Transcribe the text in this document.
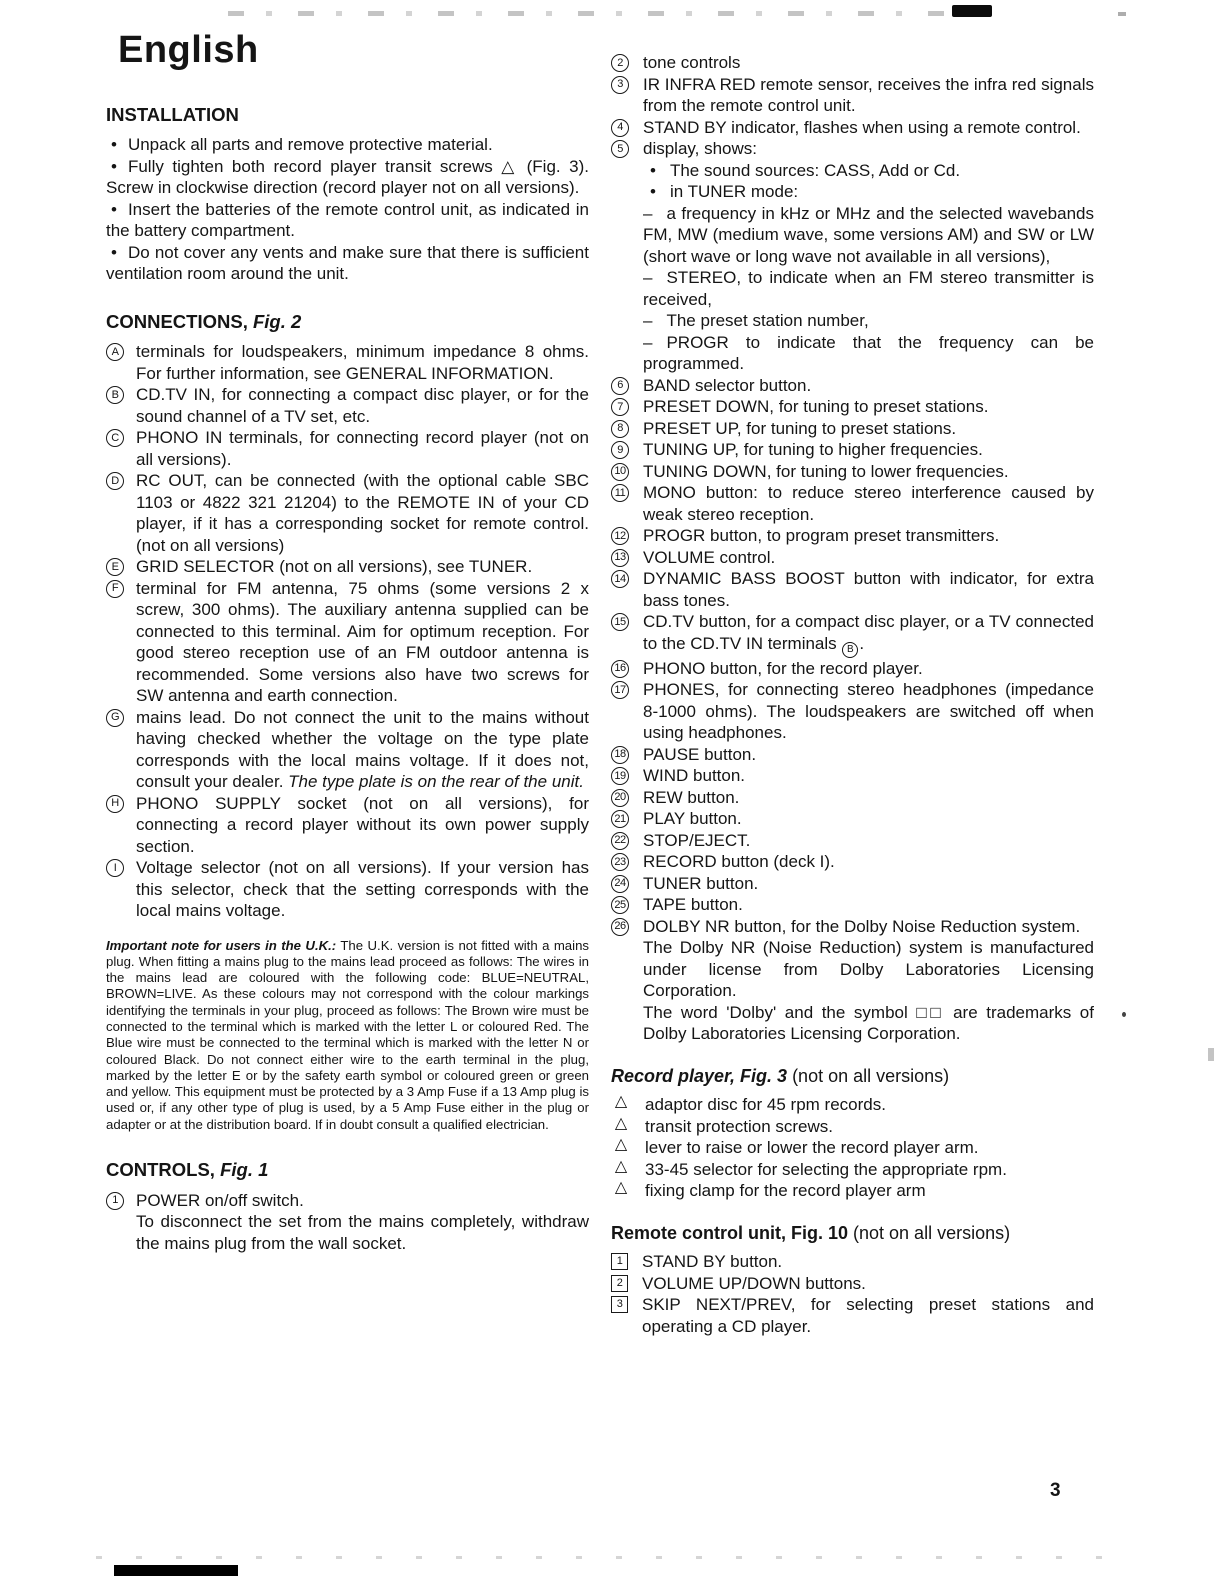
English
INSTALLATION
• Unpack all parts and remove protective material.
• Fully tighten both record player transit screws △ (Fig. 3). Screw in clockwise direction (record player not on all versions).
• Insert the batteries of the remote control unit, as indicated in the battery compartment.
• Do not cover any vents and make sure that there is sufficient ventilation room around the unit.
CONNECTIONS, Fig. 2
A	terminals for loudspeakers, minimum impedance 8 ohms. For further information, see GENERAL INFORMATION.
B	CD.TV IN, for connecting a compact disc player, or for the sound channel of a TV set, etc.
C	PHONO IN terminals, for connecting record player (not on all versions).
D	RC OUT, can be connected (with the optional cable SBC 1103 or 4822 321 21204) to the REMOTE IN of your CD player, if it has a corresponding socket for remote control. (not on all versions)
E	GRID SELECTOR (not on all versions), see TUNER.
F	terminal for FM antenna, 75 ohms (some versions 2 x screw, 300 ohms). The auxiliary antenna supplied can be connected to this terminal. Aim for optimum reception. For good stereo reception use of an FM outdoor antenna is recommended. Some versions also have two screws for SW antenna and earth connection.
G mains lead. Do not connect the unit to the mains without having checked whether the voltage on the type plate corresponds with the local mains voltage. If it does not, consult your dealer. The type plate is on the rear of the unit.
H	PHONO SUPPLY socket (not on all versions), for connecting a record player without its own power supply section.
I	Voltage selector (not on all versions). If your version has this selector, check that the setting corresponds with the local mains voltage.

Important note for users in the U.K.: The U.K. version is not fitted with a mains plug. When fitting a mains plug to the mains lead proceed as follows: The wires in the mains lead are coloured with the following code: BLUE=NEUTRAL, BROWN=LIVE. As these colours may not correspond with the colour markings identifying the terminals in your plug, proceed as follows: The Brown wire must be connected to the terminal which is marked with the letter L or coloured Red. The Blue wire must be connected to the terminal which is marked with the letter N or coloured Black. Do not connect either wire to the earth terminal in the plug, marked by the letter E or by the safety earth symbol or coloured green or green and yellow. This equipment must be protected by a 3 Amp Fuse if a 13 Amp plug is used or, if any other type of plug is used, by a 5 Amp Fuse either in the plug or adapter or at the distribution board. If in doubt consult a qualified electrician.

CONTROLS, Fig. 1
1	POWER on/off switch.

To disconnect the set from the mains completely, withdraw the mains plug from the wall socket.

2	tone controls
3	IR INFRA RED remote sensor, receives the infra red signals from the remote control unit.
4	STAND BY indicator, flashes when using a remote control.
5	display, shows:
• The sound sources: CASS, Add or Cd.
• in TUNER mode:
– a frequency in kHz or MHz and the selected wavebands FM, MW (medium wave, some versions AM) and SW or LW (short wave or long wave not available in all versions),
– STEREO, to indicate when an FM stereo transmitter is received,
– The preset station number,
– PROGR to indicate that the frequency can be programmed.
6	BAND selector button.
7	PRESET DOWN, for tuning to preset stations.
8	PRESET UP, for tuning to preset stations.
9	TUNING UP, for tuning to higher frequencies.
10 TUNING DOWN, for tuning to lower frequencies.
11 MONO button: to reduce stereo interference caused by weak stereo reception.
12 PROGR button, to program preset transmitters.
13 VOLUME control.
14 DYNAMIC BASS BOOST button with indicator, for extra bass tones.
15 CD.TV button, for a compact disc player, or a TV connected to the CD.TV IN terminals B .
16 PHONO button, for the record player.
17 PHONES, for connecting stereo headphones (impedance 8-1000 ohms). The loudspeakers are switched off when using headphones.
18 PAUSE button.
19 WIND button.
20 REW button.
21 PLAY button.
22 STOP/EJECT.
23 RECORD button (deck I).
24 TUNER button.
25 TAPE button.
26 DOLBY NR button, for the Dolby Noise Reduction system.
The Dolby NR (Noise Reduction) system is manufactured under license from Dolby Laboratories Licensing Corporation.
The word 'Dolby' and the symbol □□ are trademarks of Dolby Laboratories Licensing Corporation.
Record player, Fig. 3 (not on all versions)
△ adaptor disc for 45 rpm records.
△ transit protection screws.
△ lever to raise or lower the record player arm.
△ 33-45 selector for selecting the appropriate rpm.
△ fixing clamp for the record player arm
Remote control unit, Fig. 10 (not on all versions)
1	STAND BY button.
2	VOLUME UP/DOWN buttons.
3	SKIP NEXT/PREV, for selecting preset stations and operating a CD player.
3
